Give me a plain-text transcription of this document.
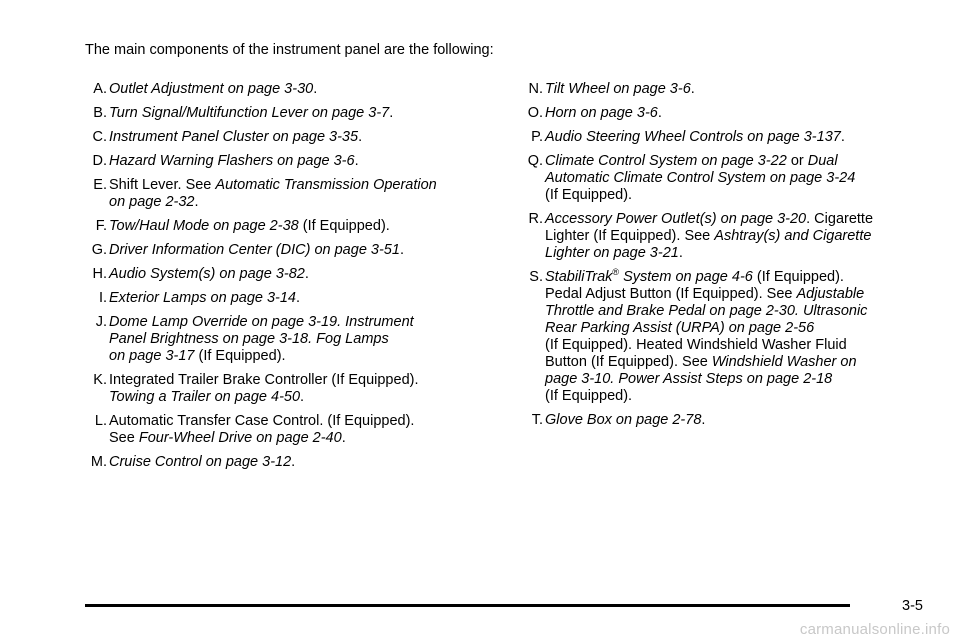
The main components of the instrument panel are the following:
A. Outlet Adjustment on page 3-30.
B. Turn Signal/Multifunction Lever on page 3-7.
C. Instrument Panel Cluster on page 3-35.
D. Hazard Warning Flashers on page 3-6.
E. Shift Lever. See Automatic Transmission Operation
on page 2-32.
F. Tow/Haul Mode on page 2-38 (If Equipped).
G. Driver Information Center (DIC) on page 3-51.
H. Audio System(s) on page 3-82.
I. Exterior Lamps on page 3-14.
J. Dome Lamp Override on page 3-19. Instrument
Panel Brightness on page 3-18. Fog Lamps
on page 3-17 (If Equipped).
K. Integrated Trailer Brake Controller (If Equipped).
Towing a Trailer on page 4-50.
L. Automatic Transfer Case Control. (If Equipped).
See Four-Wheel Drive on page 2-40.
M. Cruise Control on page 3-12.
N. Tilt Wheel on page 3-6.
O. Horn on page 3-6.
P. Audio Steering Wheel Controls on page 3-137.
Q. Climate Control System on page 3-22 or Dual
Automatic Climate Control System on page 3-24
(If Equipped).
R. Accessory Power Outlet(s) on page 3-20. Cigarette
Lighter (If Equipped). See Ashtray(s) and Cigarette
Lighter on page 3-21.
S. StabiliTrak® System on page 4-6 (If Equipped).
Pedal Adjust Button (If Equipped). See Adjustable
Throttle and Brake Pedal on page 2-30. Ultrasonic
Rear Parking Assist (URPA) on page 2-56
(If Equipped). Heated Windshield Washer Fluid
Button (If Equipped). See Windshield Washer on
page 3-10. Power Assist Steps on page 2-18
(If Equipped).
T. Glove Box on page 2-78.
3-5
carmanualsonline.info
